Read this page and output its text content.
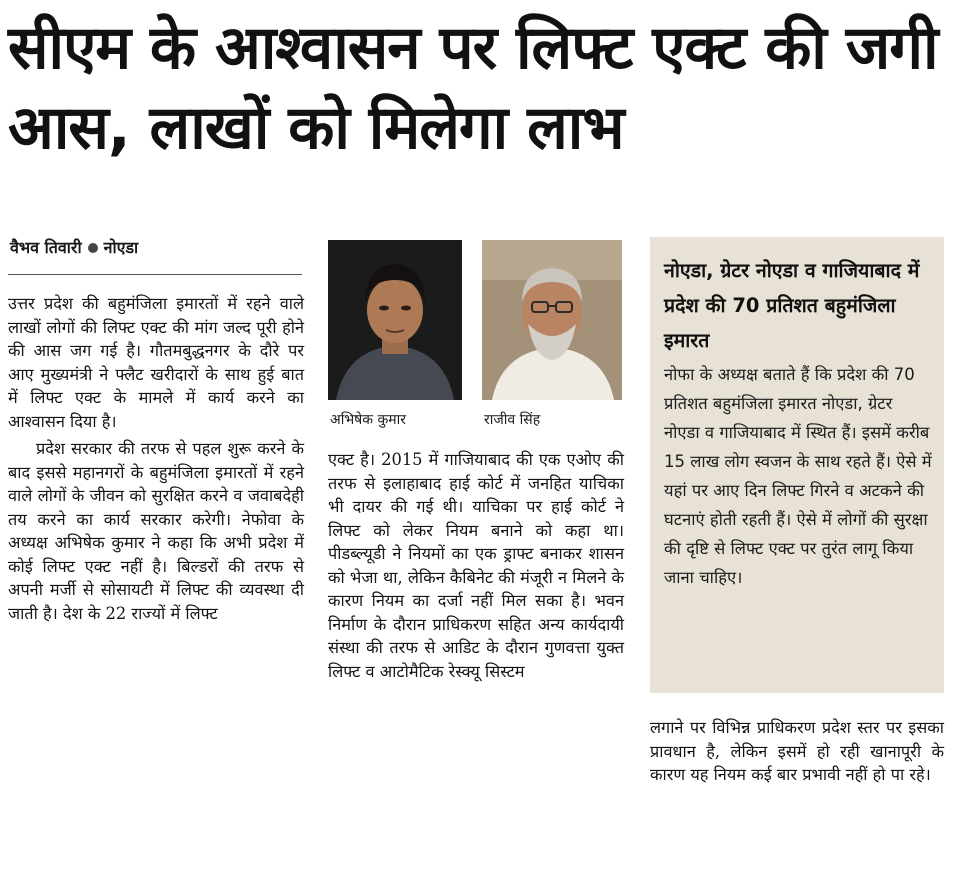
सीएम के आश्वासन पर लिफ्ट एक्ट की जगी आस, लाखों को मिलेगा लाभ
वैभव तिवारी नोएडा

उत्तर प्रदेश की बहुमंजिला इमारतों में रहने वाले लाखों लोगों की लिफ्ट एक्ट की मांग जल्द पूरी होने की आस जग गई है। गौतमबुद्धनगर के दौरे पर आए मुख्यमंत्री ने फ्लैट खरीदारों के साथ हुई बात में लिफ्ट एक्ट के मामले में कार्य करने का आश्वासन दिया है।

प्रदेश सरकार की तरफ से पहल शुरू करने के बाद इससे महानगरों के बहुमंजिला इमारतों में रहने वाले लोगों के जीवन को सुरक्षित करने व जवाबदेही तय करने का कार्य सरकार करेगी। नेफोवा के अध्यक्ष अभिषेक कुमार ने कहा कि अभी प्रदेश में कोई लिफ्ट एक्ट नहीं है। बिल्डरों की तरफ से अपनी मर्जी से सोसायटी में लिफ्ट की व्यवस्था दी जाती है। देश के 22 राज्यों में लिफ्ट

अभिषेक कुमार	राजीव सिंह

एक्ट है। 2015 में गाजियाबाद की एक एओए की तरफ से इलाहाबाद हाई कोर्ट में जनहित याचिका भी दायर की गई थी। याचिका पर हाई कोर्ट ने लिफ्ट को लेकर नियम बनाने को कहा था। पीडब्ल्यूडी ने नियमों का एक ड्राफ्ट बनाकर शासन को भेजा था, लेकिन कैबिनेट की मंजूरी न मिलने के कारण नियम का दर्जा नहीं मिल सका है। भवन निर्माण के दौरान प्राधिकरण सहित अन्य कार्यदायी संस्था की तरफ से आडिट के दौरान गुणवत्ता युक्त लिफ्ट व आटोमैटिक रेस्क्यू सिस्टम

नोएडा, ग्रेटर नोएडा व गाजियाबाद में प्रदेश की 70 प्रतिशत बहुमंजिला इमारत

नोफा के अध्यक्ष बताते हैं कि प्रदेश की 70 प्रतिशत बहुमंजिला इमारत नोएडा, ग्रेटर नोएडा व गाजियाबाद में स्थित हैं। इसमें करीब 15 लाख लोग स्वजन के साथ रहते हैं। ऐसे में यहां पर आए दिन लिफ्ट गिरने व अटकने की घटनाएं होती रहती हैं। ऐसे में लोगों की सुरक्षा की दृष्टि से लिफ्ट एक्ट पर तुरंत लागू किया जाना चाहिए।

लगाने पर विभिन्न प्राधिकरण प्रदेश स्तर पर इसका प्रावधान है, लेकिन इसमें हो रही खानापूरी के कारण यह नियम कई बार प्रभावी नहीं हो पा रहे।
